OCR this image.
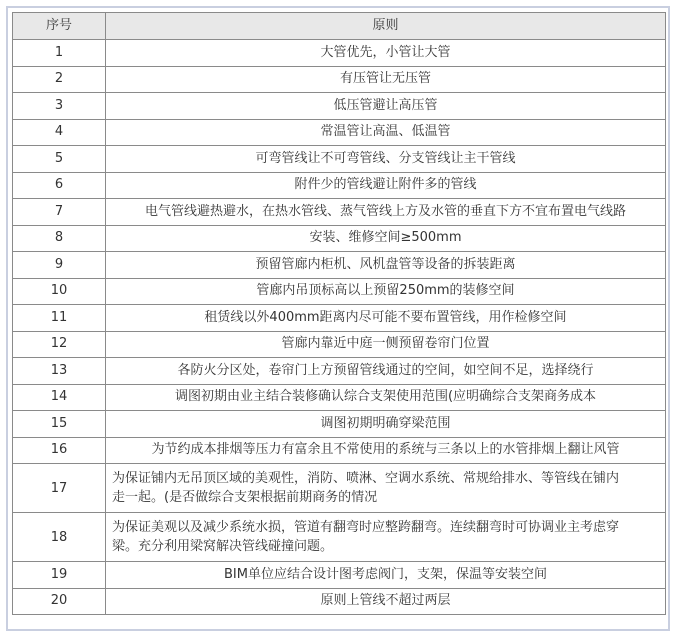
序号	原则
1	大管优先，小管让大管
2	有压管让无压管
3	低压管避让高压管
4	常温管让高温、低温管
5	可弯管线让不可弯管线、分支管线让主干管线
6	附件少的管线避让附件多的管线
7	电气管线避热避水，在热水管线、蒸气管线上方及水管的垂直下方不宜布置电气线路
8	安装、维修空间≥500mm
9	预留管廊内柜机、风机盘管等设备的拆装距离
10	管廊内吊顶标高以上预留250mm的装修空间
11	租赁线以外400mm距离内尽可能不要布置管线，用作检修空间
12	管廊内靠近中庭一侧预留卷帘门位置
13	各防火分区处，卷帘门上方预留管线通过的空间，如空间不足，选择绕行
14	调图初期由业主结合装修确认综合支架使用范围(应明确综合支架商务成本
15	调图初期明确穿梁范围
16	为节约成本排烟等压力有富余且不常使用的系统与三条以上的水管排烟上翻让风管
17	为保证铺内无吊顶区域的美观性，消防、喷淋、空调水系统、常规给排水、等管线在铺内
走一起。(是否做综合支架根据前期商务的情况
18	为保证美观以及减少系统水损，管道有翻弯时应整跨翻弯。连续翻弯时可协调业主考虑穿
梁。充分利用梁窝解决管线碰撞问题。
19	BIM单位应结合设计图考虑阀门，支架，保温等安装空间
20	原则上管线不超过两层
